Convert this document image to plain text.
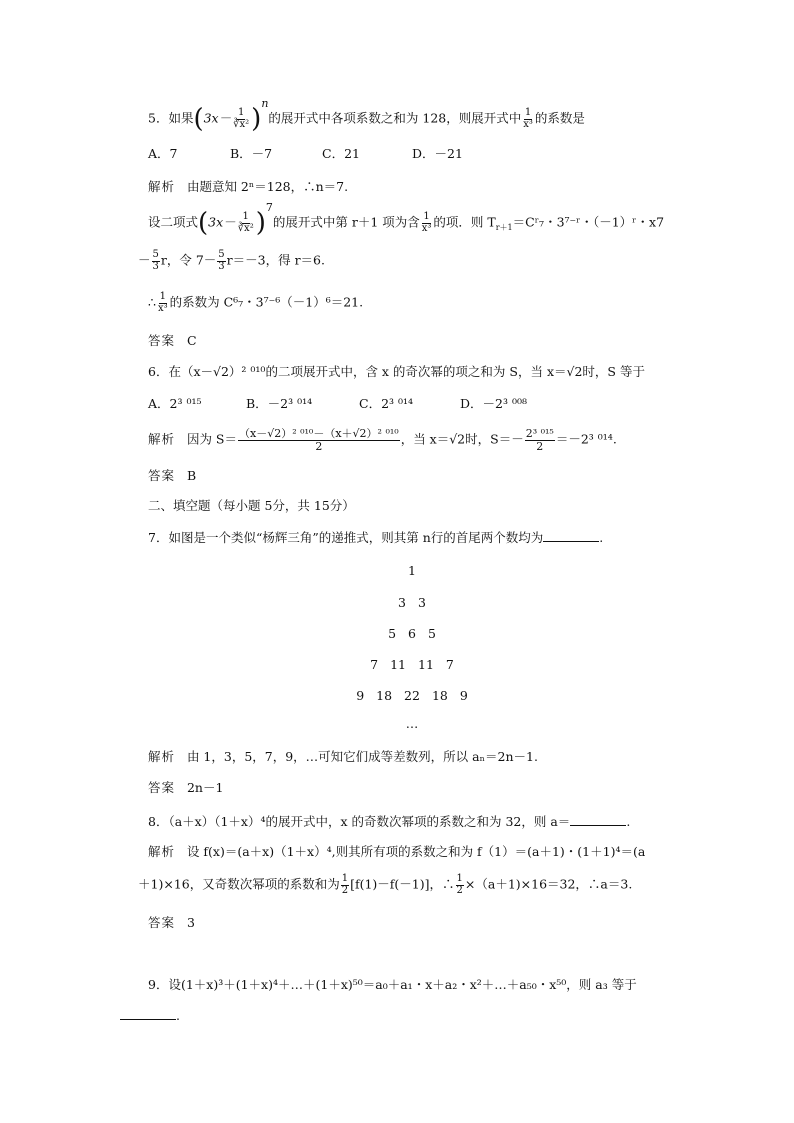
5．如果$(3x- \frac{1}{\text{∛x²}} )^n$的展开式中各项系数之和为 128，则展开式中 $\frac{1}{\text{x³}}$ 的系数是
A．7	B．－7	C．21	D．－21
解析 由题意知 2ⁿ＝128，∴n＝7.
设二项式$(3x- \frac{1}{\text{∛x²}} )^7$的展开式中第 r＋1 项为含 $\frac{1}{\text{x³}}$ 的项．则 $T_{r+1}=Cʳ_7$・3⁷⁻ʳ・（－1）ʳ・x7
－ $\frac{5}{3}$ r，令 $7- \frac{5}{3} r=-3$，得 r＝6.
∴ $\frac{1}{\text{x³}}$ 的系数为 C⁶₇・3⁷⁻⁶（－1）⁶＝21.
答案 C
6．在（x－√2）² ⁰¹⁰的二项展开式中，含 x 的奇次幂的项之和为 S，当 x＝√2时，S 等于
A．2³ ⁰¹⁵	B．－2³ ⁰¹⁴	C．2³ ⁰¹⁴	D．－2³ ⁰⁰⁸
解析 因为 $S= \frac{\text{（x－√2）² ⁰¹⁰－（x＋√2）² ⁰¹⁰}}{2}$ ，当 x＝√2时，$S=- \frac{\text{2³ ⁰¹⁵}}{2} =-2^3$ ⁰¹⁴.
答案 B
二、填空题（每小题 5分，共 15分）
7．如图是一个类似“杨辉三角”的递推式，则其第 n行的首尾两个数均为	.
1
3 3
5 6 5
7 11 11 7
9 18 22 18 9
…
解析 由 1，3，5，7，9，…可知它们成等差数列，所以 aₙ＝2n－1.
答案 2n－1
8．（a＋x）（1＋x）⁴的展开式中，x 的奇数次幂项的系数之和为 32，则 a＝	.
解析 设 f(x)＝(a＋x)（1＋x）⁴,则其所有项的系数之和为 f（1）＝(a＋1)・(1＋1)⁴＝(a
＋1)×16，又奇数次幂项的系数和为 $\frac{1}{2} [f(1)-f(-1)]$，∴ $\frac{1}{2} \times(a+1)\times 16=32$，∴a＝3.
答案 3
9．设(1＋x)³＋(1＋x)⁴＋…＋(1＋x)⁵⁰＝a₀＋a₁・x＋a₂・x²＋…＋a₅₀・x⁵⁰，则 a₃ 等于
.
